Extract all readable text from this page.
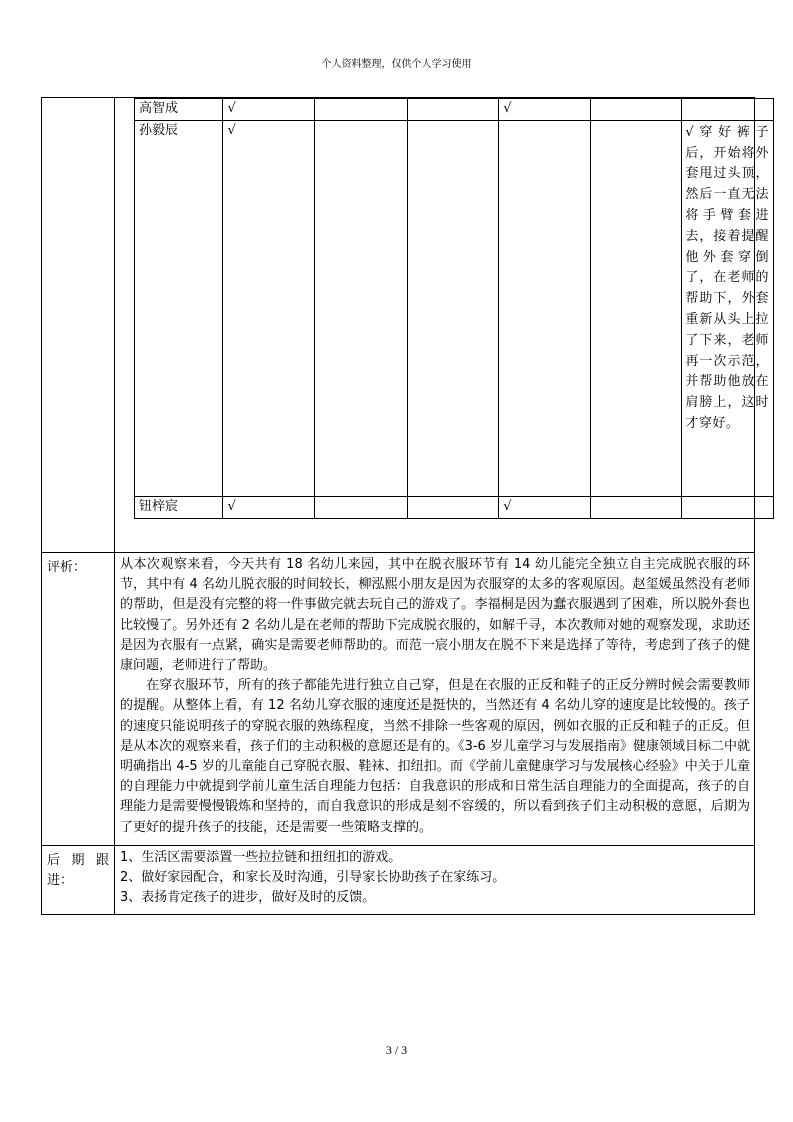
个人资料整理，仅供个人学习使用

高智成	√			√		
孙毅辰	√					√穿好裤子后，开始将外套甩过头顶，然后一直无法将手臂套进去，接着提醒他外套穿倒了，在老师的帮助下，外套重新从头上拉了下来，老师再一次示范，并帮助他放在肩膀上，这时才穿好。
钮梓宸	√			√		

评析：	从本次观察来看，今天共有 18 名幼儿来园，其中在脱衣服环节有 14 幼儿能完全独立自主完成脱衣服的环节，其中有 4 名幼儿脱衣服的时间较长，柳泓熙小朋友是因为衣服穿的太多的客观原因。赵玺媛虽然没有老师的帮助，但是没有完整的将一件事做完就去玩自己的游戏了。李福桐是因为蠢衣服遇到了困难，所以脱外套也比较慢了。另外还有 2 名幼儿是在老师的帮助下完成脱衣服的，如解千寻，本次教师对她的观察发现，求助还是因为衣服有一点紧，确实是需要老师帮助的。而范一宸小朋友在脱不下来是选择了等待，考虑到了孩子的健康问题，老师进行了帮助。

在穿衣服环节，所有的孩子都能先进行独立自己穿，但是在衣服的正反和鞋子的正反分辨时候会需要教师的提醒。从整体上看，有 12 名幼儿穿衣服的速度还是挺快的，当然还有 4 名幼儿穿的速度是比较慢的。孩子的速度只能说明孩子的穿脱衣服的熟练程度，当然不排除一些客观的原因，例如衣服的正反和鞋子的正反。但是从本次的观察来看，孩子们的主动积极的意愿还是有的。《3-6 岁儿童学习与发展指南》健康领域目标二中就明确指出 4-5 岁的儿童能自己穿脱衣服、鞋袜、扣纽扣。而《学前儿童健康学习与发展核心经验》中关于儿童的自理能力中就提到学前儿童生活自理能力包括：自我意识的形成和日常生活自理能力的全面提高，孩子的自理能力是需要慢慢锻炼和坚持的，而自我意识的形成是刻不容缓的，所以看到孩子们主动积极的意愿，后期为了更好的提升孩子的技能，还是需要一些策略支撑的。

后期跟进：	

1、生活区需要添置一些拉拉链和扭纽扣的游戏。

2、做好家园配合，和家长及时沟通，引导家长协助孩子在家练习。

3、表扬肯定孩子的进步，做好及时的反馈。

3 / 3
